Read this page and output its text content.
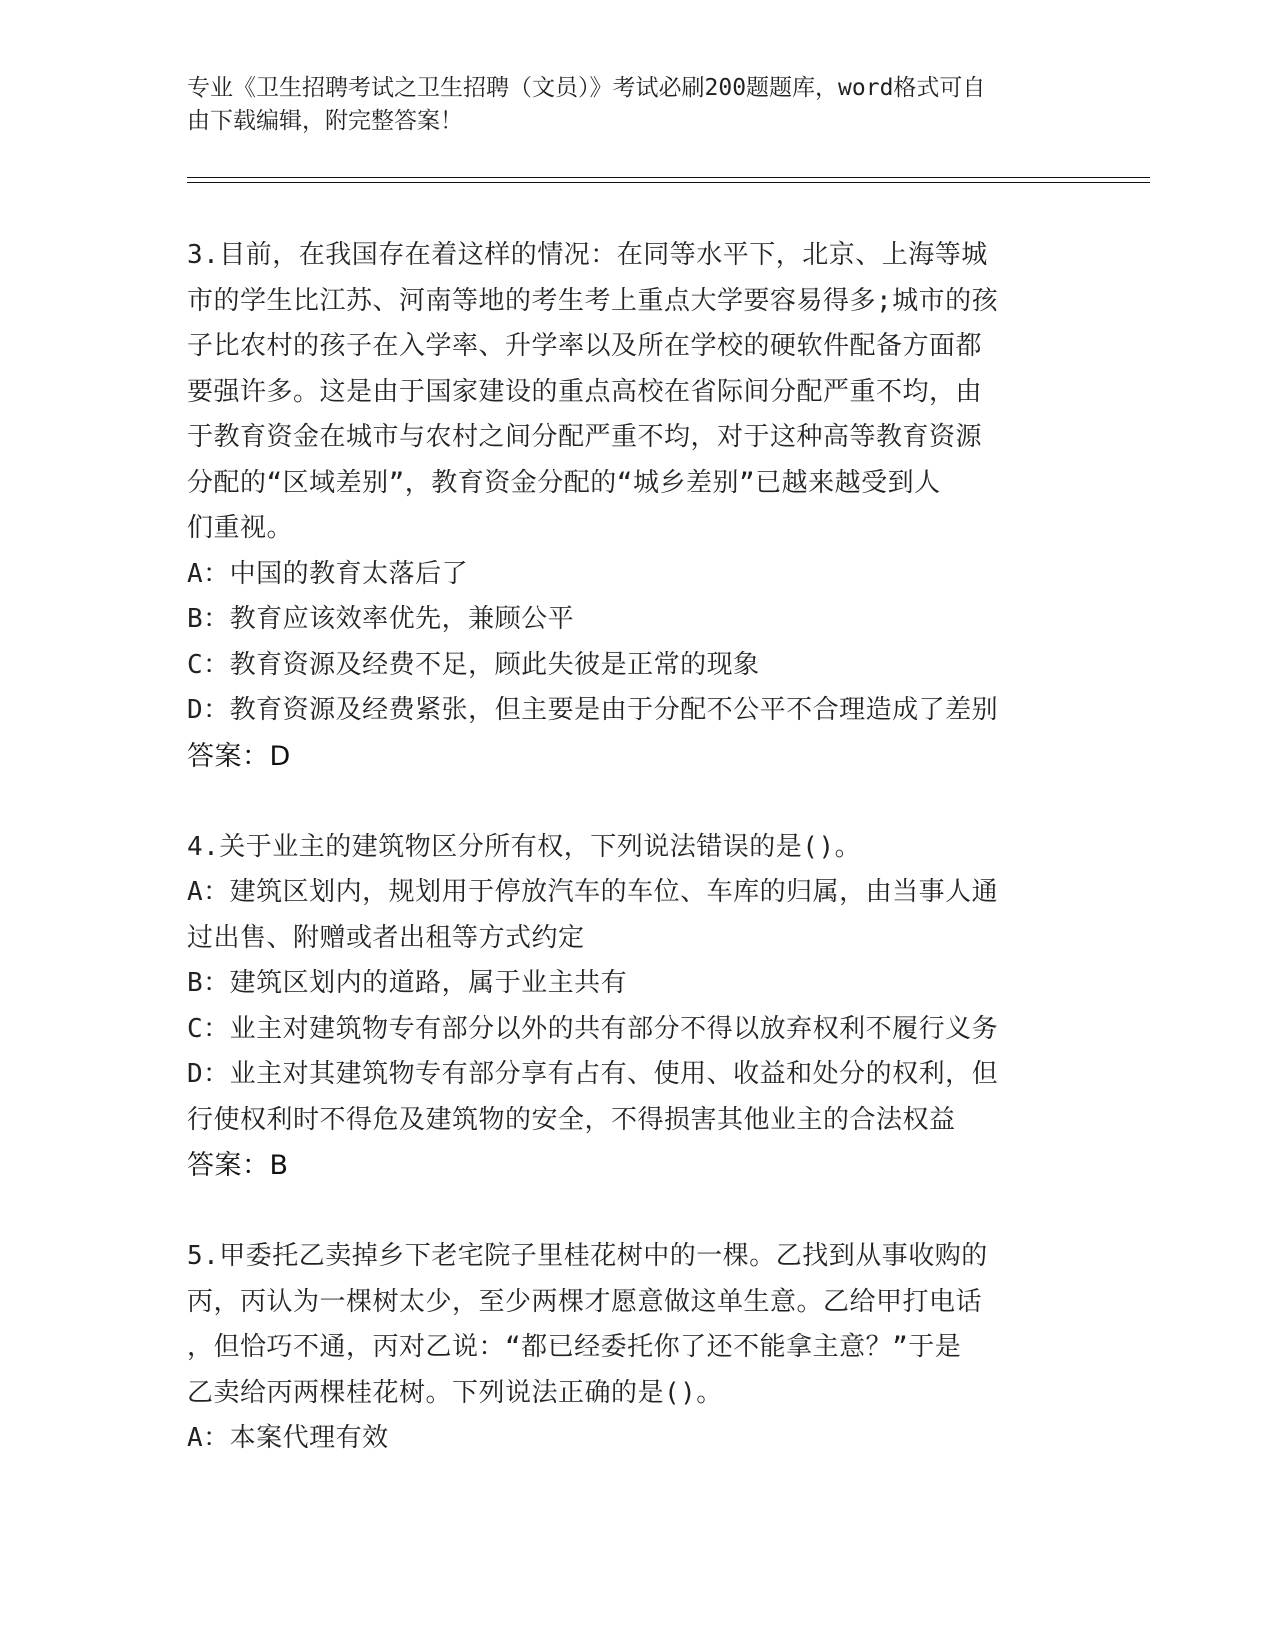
专业《卫生招聘考试之卫生招聘（文员）》考试必刷200题题库，word格式可自
由下载编辑，附完整答案！
3.目前，在我国存在着这样的情况：在同等水平下，北京、上海等城
市的学生比江苏、河南等地的考生考上重点大学要容易得多;城市的孩
子比农村的孩子在入学率、升学率以及所在学校的硬软件配备方面都
要强许多。这是由于国家建设的重点高校在省际间分配严重不均，由
于教育资金在城市与农村之间分配严重不均，对于这种高等教育资源
分配的“区域差别”，教育资金分配的“城乡差别”已越来越受到人
们重视。
A：中国的教育太落后了
B：教育应该效率优先，兼顾公平
C：教育资源及经费不足，顾此失彼是正常的现象
D：教育资源及经费紧张，但主要是由于分配不公平不合理造成了差别
答案：D
4.关于业主的建筑物区分所有权，下列说法错误的是()。
A：建筑区划内，规划用于停放汽车的车位、车库的归属，由当事人通
过出售、附赠或者出租等方式约定
B：建筑区划内的道路，属于业主共有
C：业主对建筑物专有部分以外的共有部分不得以放弃权利不履行义务
D：业主对其建筑物专有部分享有占有、使用、收益和处分的权利，但
行使权利时不得危及建筑物的安全，不得损害其他业主的合法权益
答案：B
5.甲委托乙卖掉乡下老宅院子里桂花树中的一棵。乙找到从事收购的
丙，丙认为一棵树太少，至少两棵才愿意做这单生意。乙给甲打电话
，但恰巧不通，丙对乙说：“都已经委托你了还不能拿主意？”于是
乙卖给丙两棵桂花树。下列说法正确的是()。
A：本案代理有效
